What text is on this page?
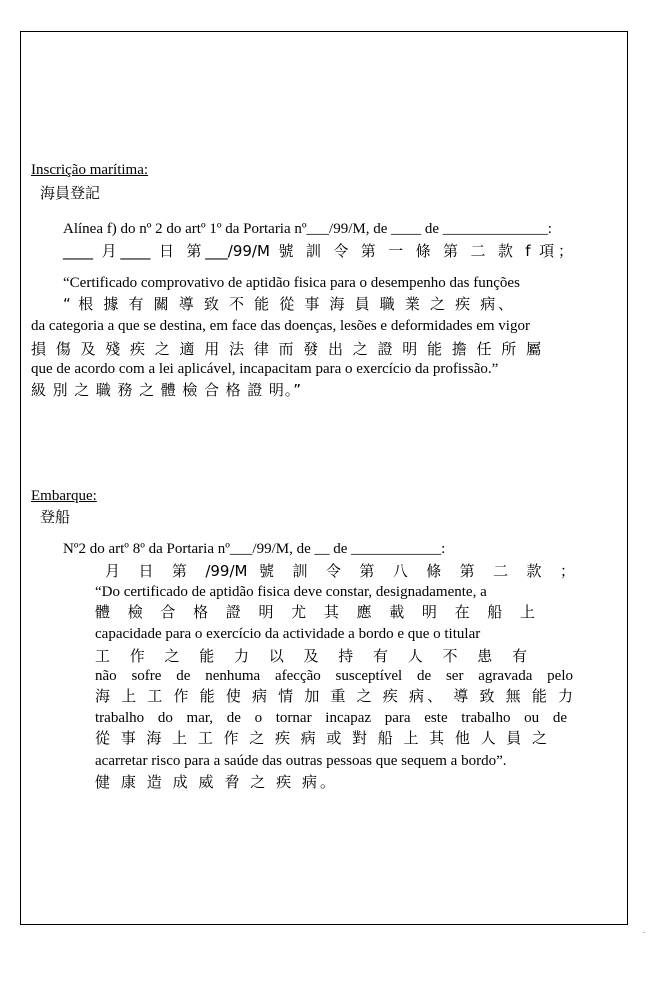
Inscrição marítima:
海員登記
Alínea f) do nº 2 do artº 1º da Portaria nº___/99/M, de ____ de ______________:
____ 月____ 日 第___/99/M 號 訓 令 第 一 條 第 二 款 f 項；
“Certificado comprovativo de aptidão fisica para o desempenho das funções
“ 根 據 有 關 導 致 不 能 從 事 海 員 職 業 之 疾 病、
da categoria a que se destina, em face das doenças, lesões e deformidades em vigor
損 傷 及 殘 疾 之 適 用 法 律 而 發 出 之 證 明 能 擔 任 所 屬
que de acordo com a lei aplicável, incapacitam para o exercício da profissão.”
級 別 之 職 務 之 體 檢 合 格 證 明。”
Embarque:
登船
Nº2 do artº 8º da Portaria nº___/99/M, de __ de ____________:
月 日 第 /99/M 號 訓 令 第 八 條 第 二 款 ；
“Do certificado de aptidão fisica deve constar, designadamente, a
體 檢 合 格 證 明 尤 其 應 載 明 在 船 上
capacidade para o exercício da actividade a bordo e que o titular
工 作 之 能 力 以 及 持 有 人 不 患 有
não sofre de nenhuma afecção susceptível de ser agravada pelo
海 上 工 作 能 使 病 情 加 重 之 疾 病、 導 致 無 能 力
trabalho do mar, de o tornar incapaz para este trabalho ou de
從 事 海 上 工 作 之 疾 病 或 對 船 上 其 他 人 員 之
acarretar risco para a saúde das outras pessoas que sequem a bordo”.
健 康 造 成 威 脅 之 疾 病。
